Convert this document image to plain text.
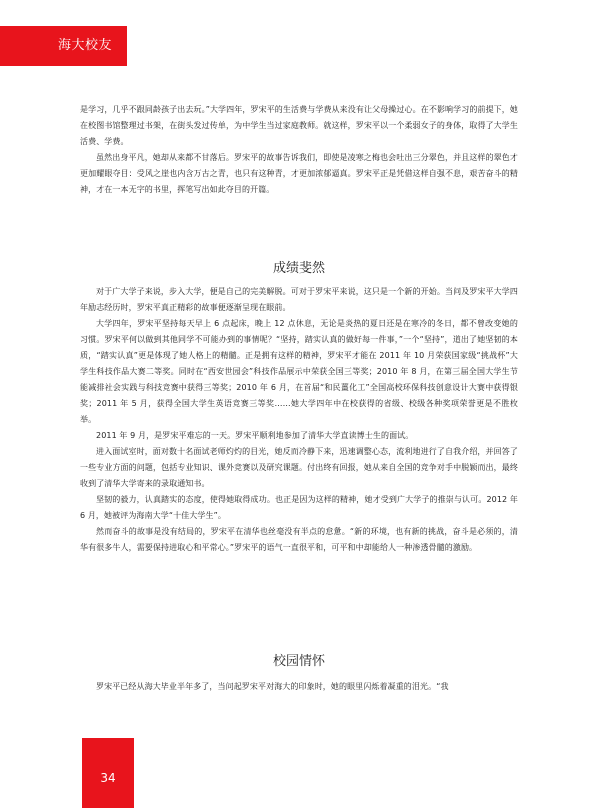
海大校友

是学习，几乎不跟同龄孩子出去玩。”大学四年，罗宋平的生活费与学费从来没有让父母操过心。在不影响学习的前提下，她在校图书馆整理过书架，在街头发过传单，为中学生当过家庭教师。就这样，罗宋平以一个柔弱女子的身体，取得了大学生活费、学费。

虽然出身平凡，她却从来都不甘落后。罗宋平的故事告诉我们，即使是凌寒之梅也会吐出三分翠色，并且这样的翠色才更加耀眼夺目：受风之崖也内含万古之青，也只有这种青，才更加浓郁逼真。罗宋平正是凭借这样自强不息，艰苦奋斗的精神，才在一本无字的书里，挥笔写出如此夺目的开篇。

成绩斐然

对于广大学子来说，步入大学，便是自己的完美解脱。可对于罗宋平来说，这只是一个新的开始。当问及罗宋平大学四年励志经历时，罗宋平真正精彩的故事便逐渐呈现在眼前。

大学四年，罗宋平坚持每天早上 6 点起床，晚上 12 点休息，无论是炎热的夏日还是在寒冷的冬日，都不曾改变她的习惯。罗宋平何以做到其他同学不可能办到的事情呢？“坚持，踏实认真的做好每一件事，”一个“坚持”，道出了她坚韧的本质，“踏实认真”更是体现了她人格上的精髓。正是拥有这样的精神，罗宋平才能在 2011 年 10 月荣获国家级“挑战杯”大学生科技作品大赛二等奖。同时在“西安世园会”科技作品展示中荣获全国三等奖；2010 年 8 月，在第三届全国大学生节能减排社会实践与科技竞赛中获得三等奖；2010 年 6 月，在首届“和民薑化工”全国高校环保科技创意设计大赛中获得银奖；2011 年 5 月，获得全国大学生英语竞赛三等奖……她大学四年中在校获得的省级、校级各种奖项荣誉更是不胜枚举。

2011 年 9 月，是罗宋平难忘的一天。罗宋平顺利地参加了清华大学直读博士生的面试。

进入面试室时，面对数十名面试老师灼灼的目光，她反而冷静下来，迅速调整心态，流利地进行了自我介绍，并回答了一些专业方面的问题，包括专业知识、课外竞赛以及研究课题。付出终有回报，她从来自全国的竞争对手中脱颖而出，最终收到了清华大学寄来的录取通知书。

坚韧的毅力，认真踏实的态度，使得她取得成功。也正是因为这样的精神，她才受到广大学子的推崇与认可。2012 年 6 月，她被评为海南大学“十佳大学生”。

然而奋斗的故事是没有结局的，罗宋平在清华也丝毫没有半点的怠惫。“新的环境，也有新的挑战，奋斗是必须的，清华有很多牛人，需要保持进取心和平常心。”罗宋平的语气一直很平和，可平和中却能给人一种渗透骨髓的激励。

校园情怀

罗宋平已经从海大毕业半年多了，当问起罗宋平对海大的印象时，她的眼里闪烁着凝重的泪光。“我

34
